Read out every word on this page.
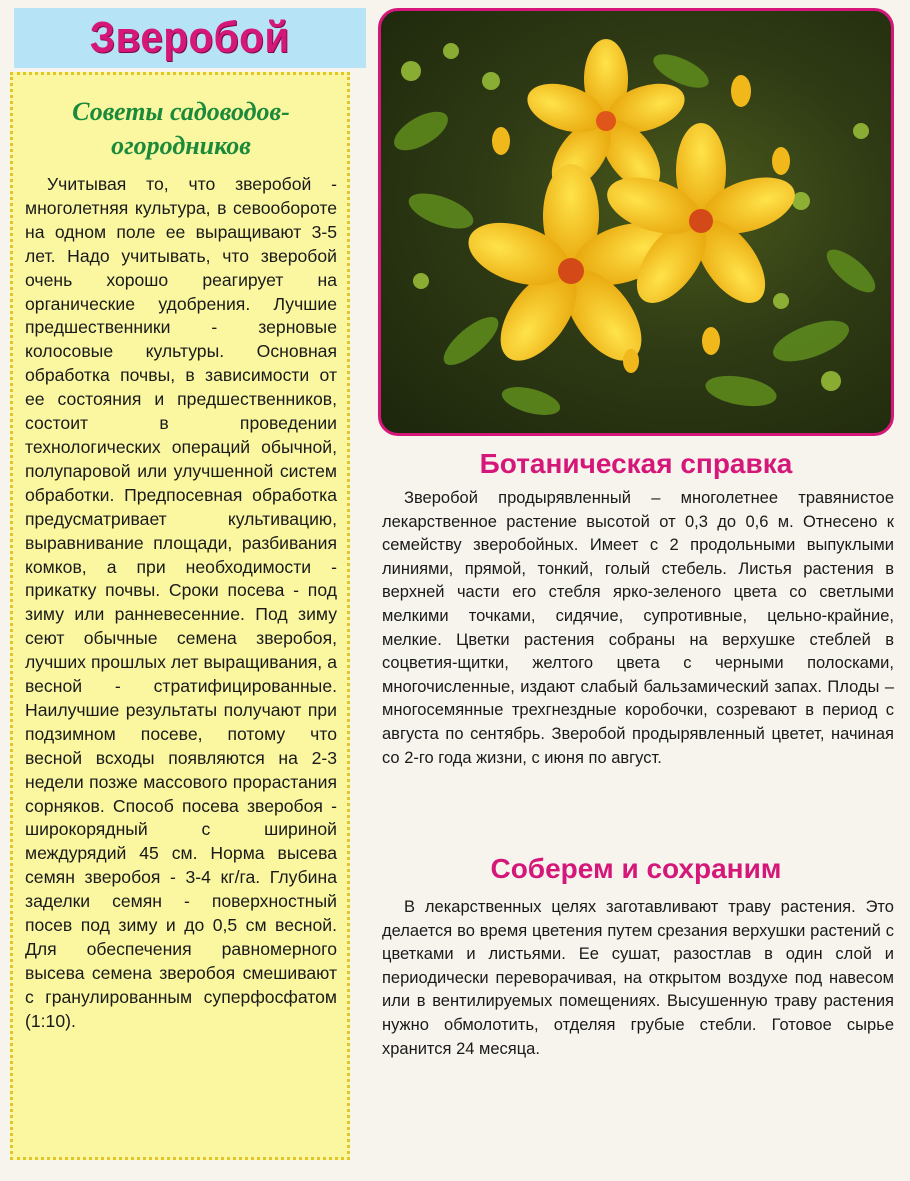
Зверобой
Советы садоводов-огородников

Учитывая то, что зверобой - многолетняя культура, в севообороте на одном поле ее выращивают 3-5 лет. Надо учитывать, что зверобой очень хорошо реагирует на органические удобрения. Лучшие предшественники - зерновые колосовые культуры. Основная обработка почвы, в зависимости от ее состояния и предшественников, состоит в проведении технологических операций обычной, полупаровой или улучшенной систем обработки. Предпосевная обработка предусматривает культивацию, выравнивание площади, разбивания комков, а при необходимости - прикатку почвы. Сроки посева - под зиму или ранневесенние. Под зиму сеют обычные семена зверобоя, лучших прошлых лет выращивания, а весной - стратифицированные. Наилучшие результаты получают при подзимном посеве, потому что весной всходы появляются на 2-3 недели позже массового прорастания сорняков. Способ посева зверобоя - широкорядный с шириной междурядий 45 см. Норма высева семян зверобоя - 3-4 кг/га. Глубина заделки семян - поверхностный посев под зиму и до 0,5 см весной. Для обеспечения равномерного высева семена зверобоя смешивают с гранулированным суперфосфатом (1:10).

Ботаническая справка

Зверобой продырявленный – многолетнее травянистое лекарственное растение высотой от 0,3 до 0,6 м. Отнесено к семейству зверобойных. Имеет с 2 продольными выпуклыми линиями, прямой, тонкий, голый стебель. Листья растения в верхней части его стебля ярко-зеленого цвета со светлыми мелкими точками, сидячие, супротивные, цельно-крайние, мелкие. Цветки растения собраны на верхушке стеблей в соцветия-щитки, желтого цвета с черными полосками, многочисленные, издают слабый бальзамический запах. Плоды – многосемянные трехгнездные коробочки, созревают в период с августа по сентябрь. Зверобой продырявленный цветет, начиная со 2-го года жизни, с июня по август.

Соберем и сохраним

В лекарственных целях заготавливают траву растения. Это делается во время цветения путем срезания верхушки растений с цветками и листьями. Ее сушат, разостлав в один слой и периодически переворачивая, на открытом воздухе под навесом или в вентилируемых помещениях. Высушенную траву растения нужно обмолотить, отделяя грубые стебли. Готовое сырье хранится 24 месяца.
